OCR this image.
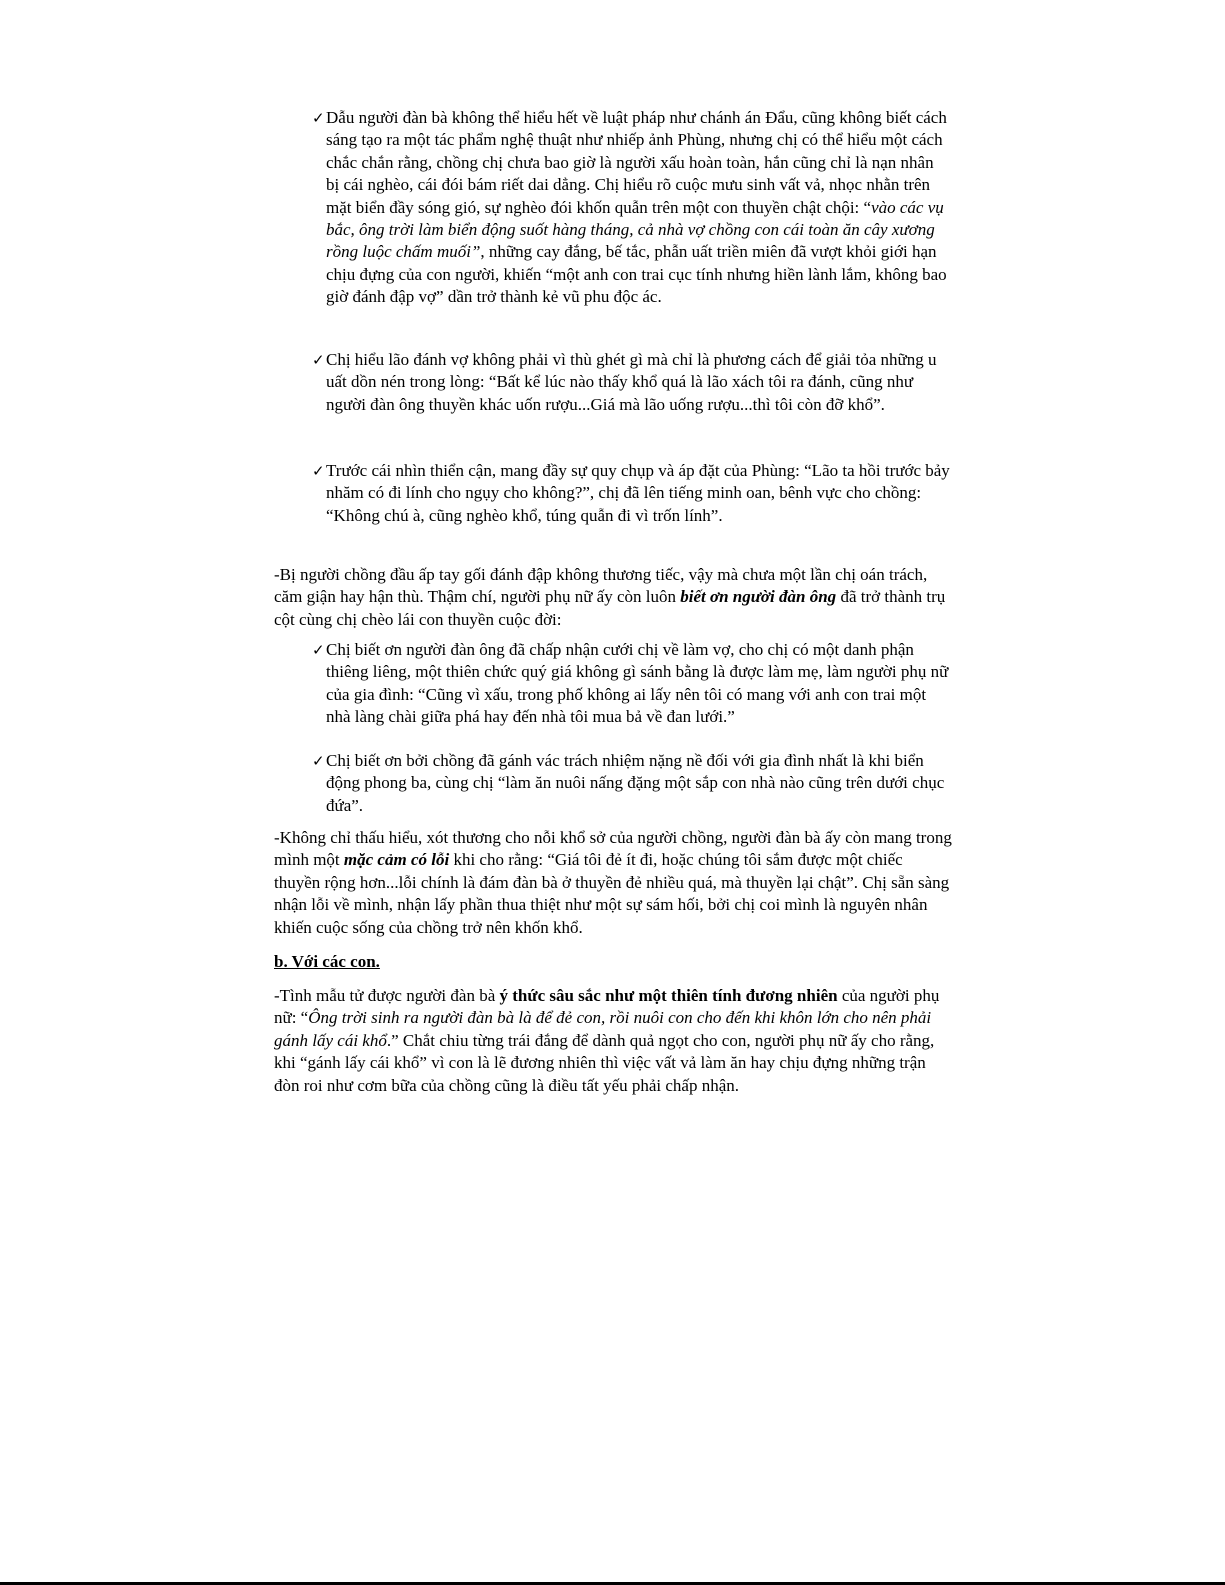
✓Dẫu người đàn bà không thể hiểu hết về luật pháp như chánh án Đẩu, cũng không biết cách sáng tạo ra một tác phẩm nghệ thuật như nhiếp ảnh Phùng, nhưng chị có thể hiểu một cách chắc chắn rằng, chồng chị chưa bao giờ là người xấu hoàn toàn, hắn cũng chỉ là nạn nhân bị cái nghèo, cái đói bám riết dai dẳng. Chị hiểu rõ cuộc mưu sinh vất vả, nhọc nhằn trên mặt biển đầy sóng gió, sự nghèo đói khốn quẫn trên một con thuyền chật chội: “vào các vụ bắc, ông trời làm biển động suốt hàng tháng, cả nhà vợ chồng con cái toàn ăn cây xương rồng luộc chấm muối”, những cay đắng, bế tắc, phẫn uất triền miên đã vượt khỏi giới hạn chịu đựng của con người, khiến “một anh con trai cục tính nhưng hiền lành lắm, không bao giờ đánh đập vợ” dần trở thành kẻ vũ phu độc ác.
✓Chị hiểu lão đánh vợ không phải vì thù ghét gì mà chỉ là phương cách để giải tỏa những u uất dồn nén trong lòng: “Bất kể lúc nào thấy khổ quá là lão xách tôi ra đánh, cũng như người đàn ông thuyền khác uốn rượu...Giá mà lão uống rượu...thì tôi còn đỡ khổ”.
✓Trước cái nhìn thiển cận, mang đầy sự quy chụp và áp đặt của Phùng: “Lão ta hồi trước bảy nhăm có đi lính cho ngụy cho không?”, chị đã lên tiếng minh oan, bênh vực cho chồng: “Không chú à, cũng nghèo khổ, túng quẫn đi vì trốn lính”.
-Bị người chồng đầu ấp tay gối đánh đập không thương tiếc, vậy mà chưa một lần chị oán trách, căm giận hay hận thù. Thậm chí, người phụ nữ ấy còn luôn biết ơn người đàn ông đã trở thành trụ cột cùng chị chèo lái con thuyền cuộc đời:
✓Chị biết ơn người đàn ông đã chấp nhận cưới chị về làm vợ, cho chị có một danh phận thiêng liêng, một thiên chức quý giá không gì sánh bằng là được làm mẹ, làm người phụ nữ của gia đình: “Cũng vì xấu, trong phố không ai lấy nên tôi có mang với anh con trai một nhà làng chài giữa phá hay đến nhà tôi mua bả về đan lưới.”
✓Chị biết ơn bởi chồng đã gánh vác trách nhiệm nặng nề đối với gia đình nhất là khi biển động phong ba, cùng chị “làm ăn nuôi nấng đặng một sắp con nhà nào cũng trên dưới chục đứa”.
-Không chỉ thấu hiểu, xót thương cho nỗi khổ sở của người chồng, người đàn bà ấy còn mang trong mình một mặc cảm có lỗi khi cho rằng: “Giá tôi đẻ ít đi, hoặc chúng tôi sắm được một chiếc thuyền rộng hơn...lỗi chính là đám đàn bà ở thuyền đẻ nhiều quá, mà thuyền lại chật”. Chị sẵn sàng nhận lỗi về mình, nhận lấy phần thua thiệt như một sự sám hối, bởi chị coi mình là nguyên nhân khiến cuộc sống của chồng trở nên khốn khổ.
b. Với các con.
-Tình mẫu tử được người đàn bà ý thức sâu sắc như một thiên tính đương nhiên của người phụ nữ: “Ông trời sinh ra người đàn bà là để đẻ con, rồi nuôi con cho đến khi khôn lớn cho nên phải gánh lấy cái khổ.” Chắt chiu từng trái đắng để dành quả ngọt cho con, người phụ nữ ấy cho rằng, khi “gánh lấy cái khổ” vì con là lẽ đương nhiên thì việc vất vả làm ăn hay chịu đựng những trận đòn roi như cơm bữa của chồng cũng là điều tất yếu phải chấp nhận.
